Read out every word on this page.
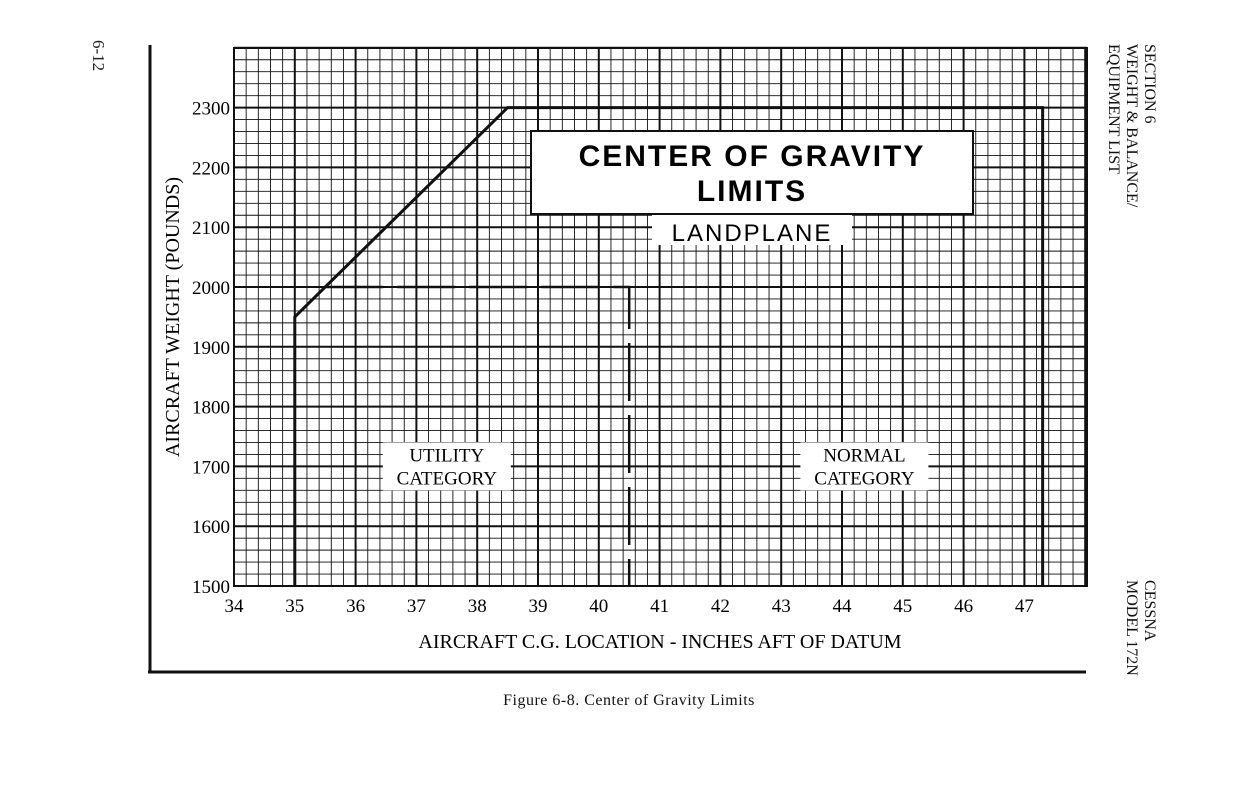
6-12	SECTION 6
WEIGHT & BALANCE/
EQUIPMENT LIST
CESSNA
MODEL 172N
34 35 36 37 38 39 40 41 42 43 44 45 46 47
1500
1600
1700
1800
1900
2000
2100
2200
2300
AIRCRAFT WEIGHT (POUNDS)
AIRCRAFT C.G. LOCATION - INCHES AFT OF DATUM
CENTER OF GRAVITY
LIMITS
LANDPLANE
UTILITY
CATEGORY
NORMAL
CATEGORY
Figure 6-8. Center of Gravity Limits
